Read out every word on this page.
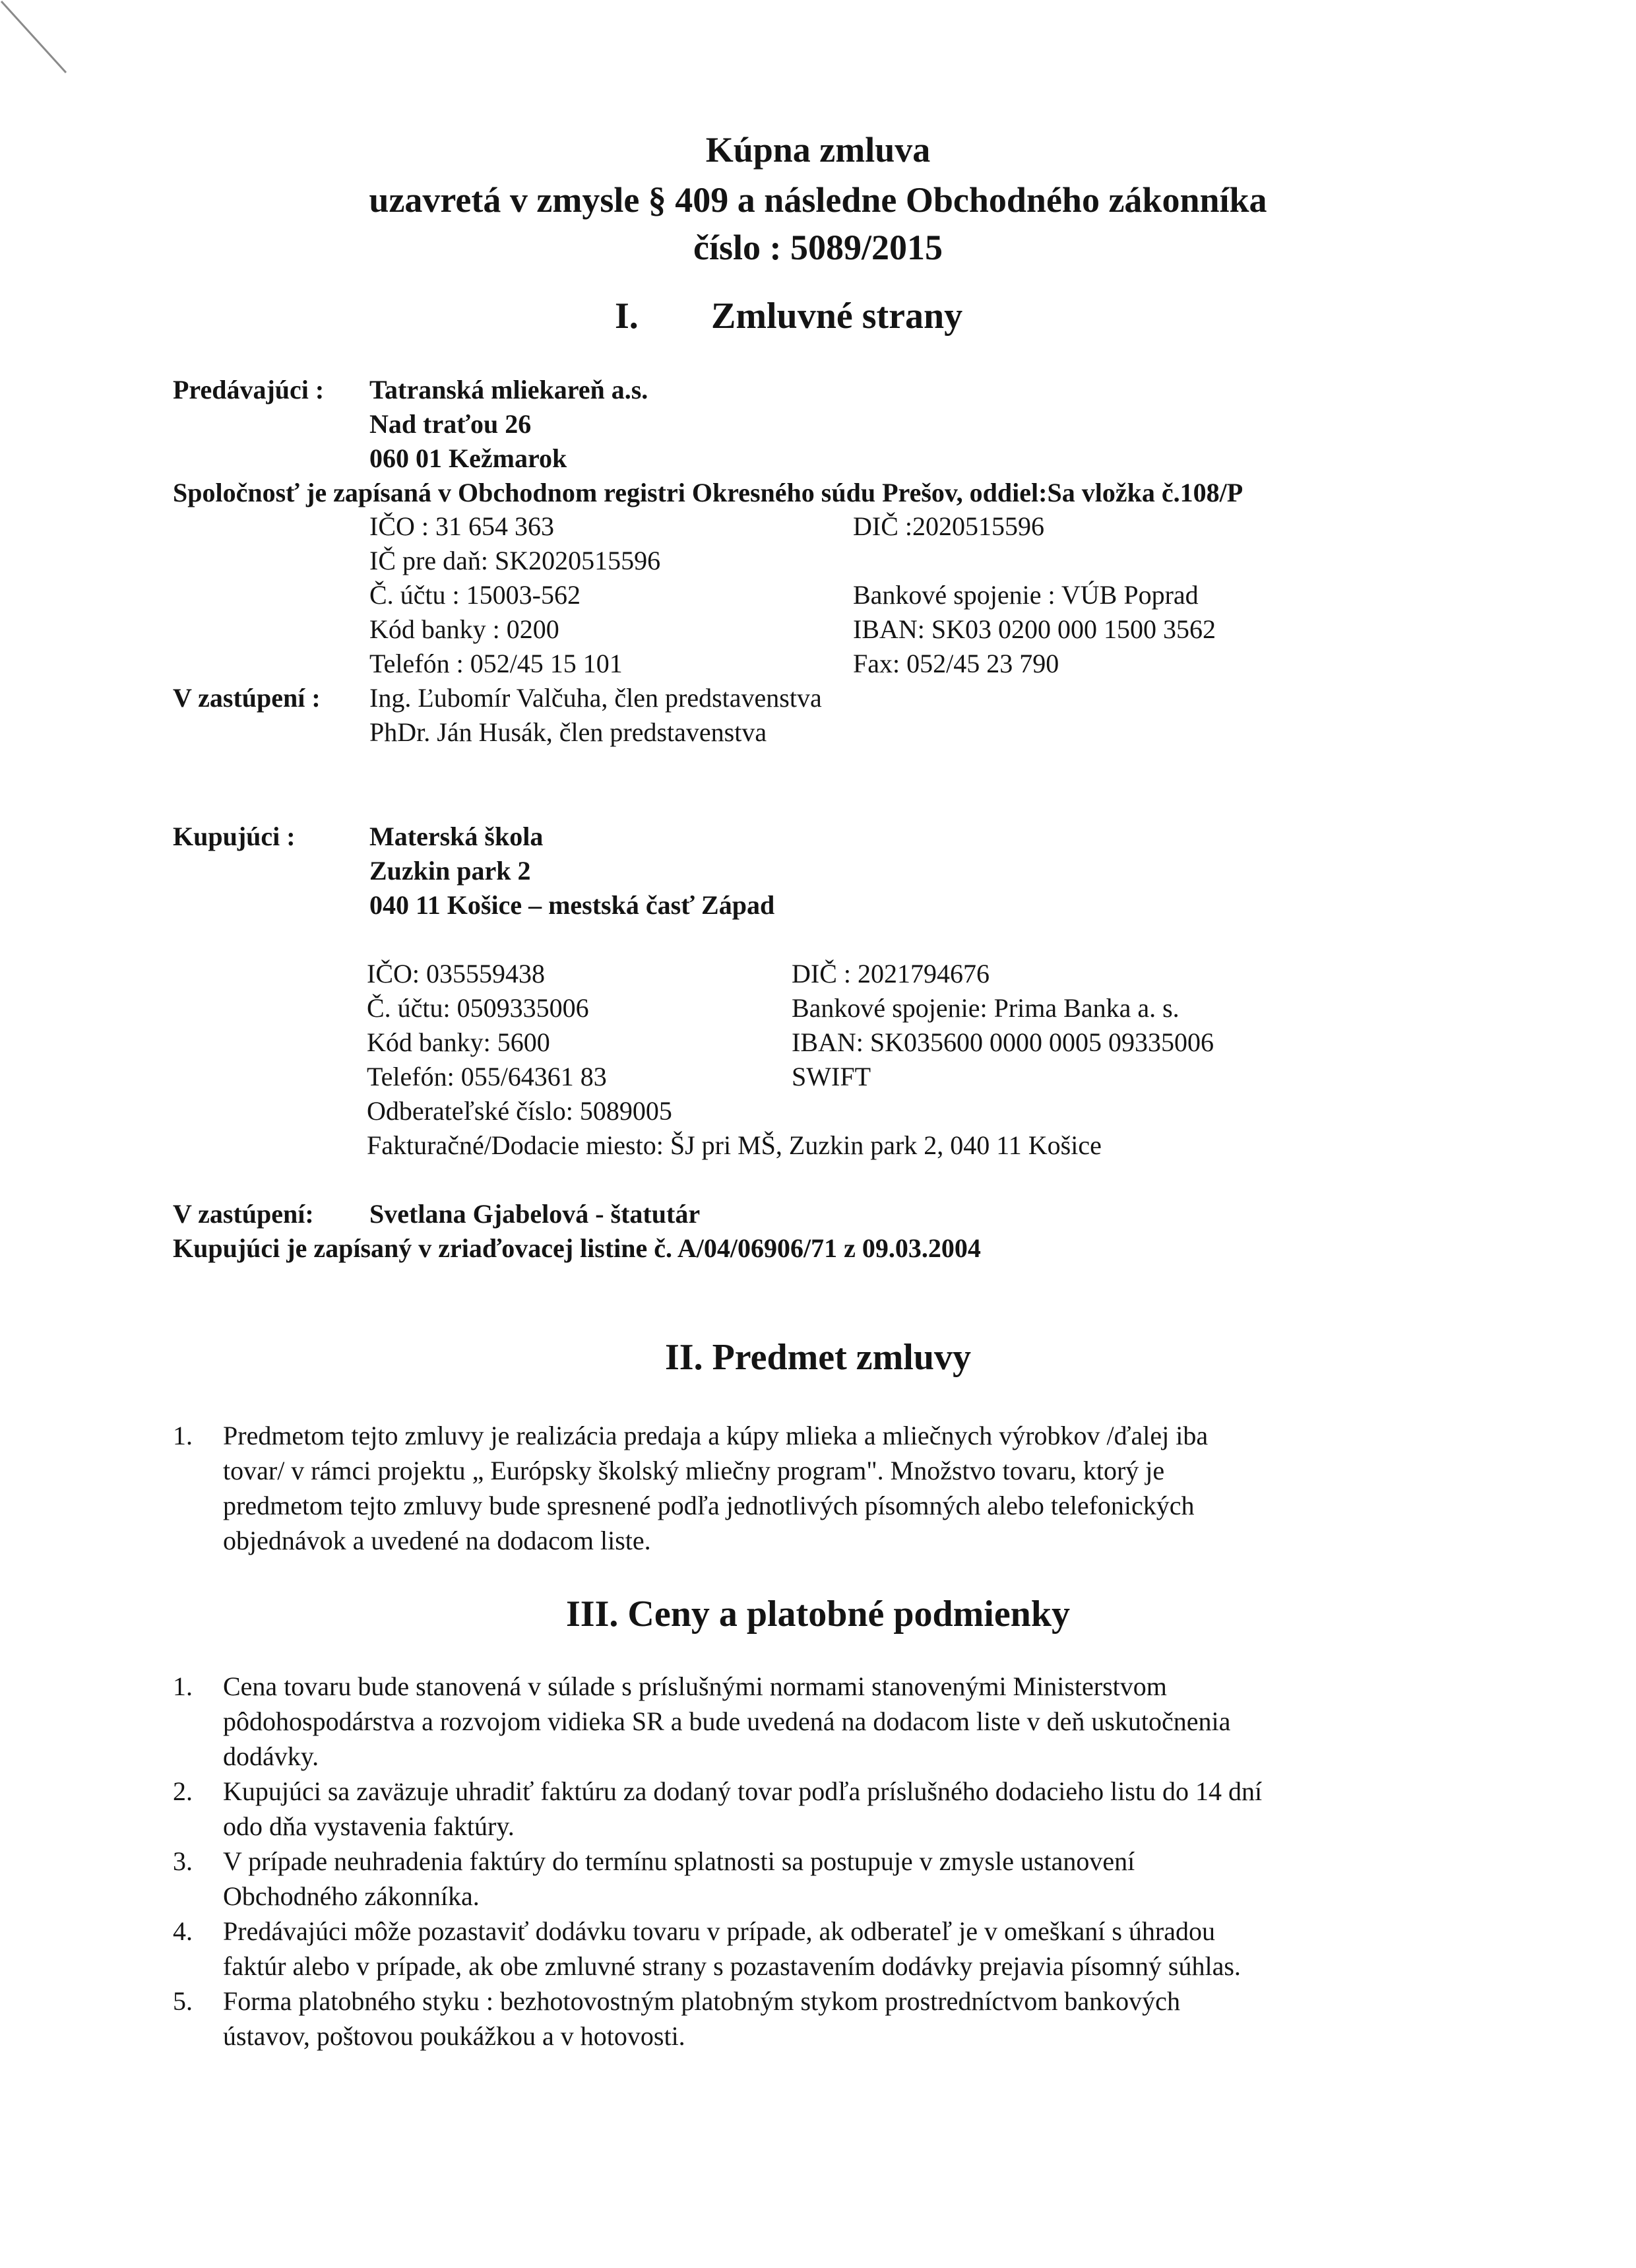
Kúpna zmluva
uzavretá v zmysle § 409 a následne Obchodného zákonníka
číslo : 5089/2015
I. Zmluvné strany
Predávajúci : Tatranská mliekareň a.s.
Nad traťou 26
060 01 Kežmarok
Spoločnosť je zapísaná v Obchodnom registri Okresného súdu Prešov, oddiel:Sa vložka č.108/P
IČO : 31 654 363	DIČ :2020515596
IČ pre daň: SK2020515596
Č. účtu : 15003-562	Bankové spojenie : VÚB Poprad
Kód banky : 0200	IBAN: SK03 0200 000 1500 3562
Telefón : 052/45 15 101	Fax: 052/45 23 790
V zastúpení : Ing. Ľubomír Valčuha, člen predstavenstva
PhDr. Ján Husák, člen predstavenstva
Kupujúci :	Materská škola
Zuzkin park 2
040 11 Košice – mestská časť Západ
IČO: 035559438	DIČ : 2021794676
Č. účtu: 0509335006	Bankové spojenie: Prima Banka a. s.
Kód banky: 5600	IBAN: SK035600 0000 0005 09335006
Telefón: 055/64361 83	SWIFT
Odberateľské číslo: 5089005
Fakturačné/Dodacie miesto: ŠJ pri MŠ, Zuzkin park 2, 040 11 Košice
V zastúpení: Svetlana Gjabelová - štatutár
Kupujúci je zapísaný v zriaďovacej listine č. A/04/06906/71 z 09.03.2004
II. Predmet zmluvy
1. Predmetom tejto zmluvy je realizácia predaja a kúpy mlieka a mliečnych výrobkov /ďalej iba
tovar/ v rámci projektu „ Európsky školský mliečny program". Množstvo tovaru, ktorý je
predmetom tejto zmluvy bude spresnené podľa jednotlivých písomných alebo telefonických
objednávok a uvedené na dodacom liste.
III. Ceny a platobné podmienky
1. Cena tovaru bude stanovená v súlade s príslušnými normami stanovenými Ministerstvom
pôdohospodárstva a rozvojom vidieka SR a bude uvedená na dodacom liste v deň uskutočnenia
dodávky.
2. Kupujúci sa zaväzuje uhradiť faktúru za dodaný tovar podľa príslušného dodacieho listu do 14 dní
odo dňa vystavenia faktúry.
3. V prípade neuhradenia faktúry do termínu splatnosti sa postupuje v zmysle ustanovení
Obchodného zákonníka.
4. Predávajúci môže pozastaviť dodávku tovaru v prípade, ak odberateľ je v omeškaní s úhradou
faktúr alebo v prípade, ak obe zmluvné strany s pozastavením dodávky prejavia písomný súhlas.
5. Forma platobného styku : bezhotovostným platobným stykom prostredníctvom bankových
ústavov, poštovou poukážkou a v hotovosti.
